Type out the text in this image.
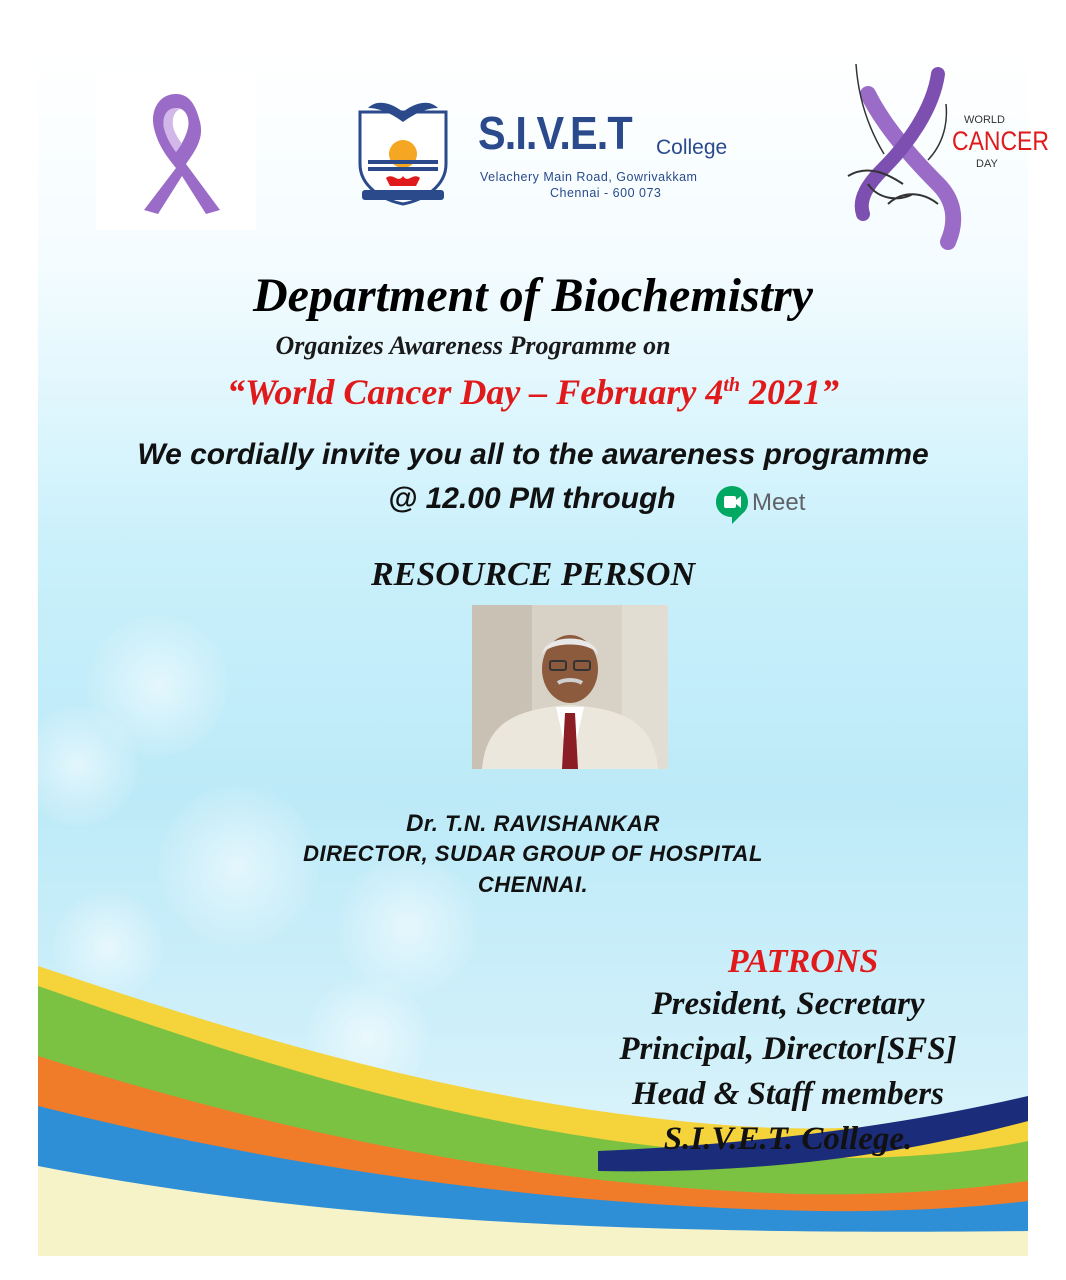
S.I.V.E.T College
Velachery Main Road, Gowrivakkam
Chennai - 600 073
WORLD
CANCER
DAY
Department of Biochemistry
Organizes Awareness Programme on
“World Cancer Day – February 4th 2021”
We cordially invite you all to the awareness programme
@ 12.00 PM through	Meet
RESOURCE PERSON
Dr. T.N. RAVISHANKAR
DIRECTOR, SUDAR GROUP OF HOSPITAL
CHENNAI.
PATRONS
President, Secretary
Principal, Director[SFS]
Head & Staff members
S.I.V.E.T. College.
